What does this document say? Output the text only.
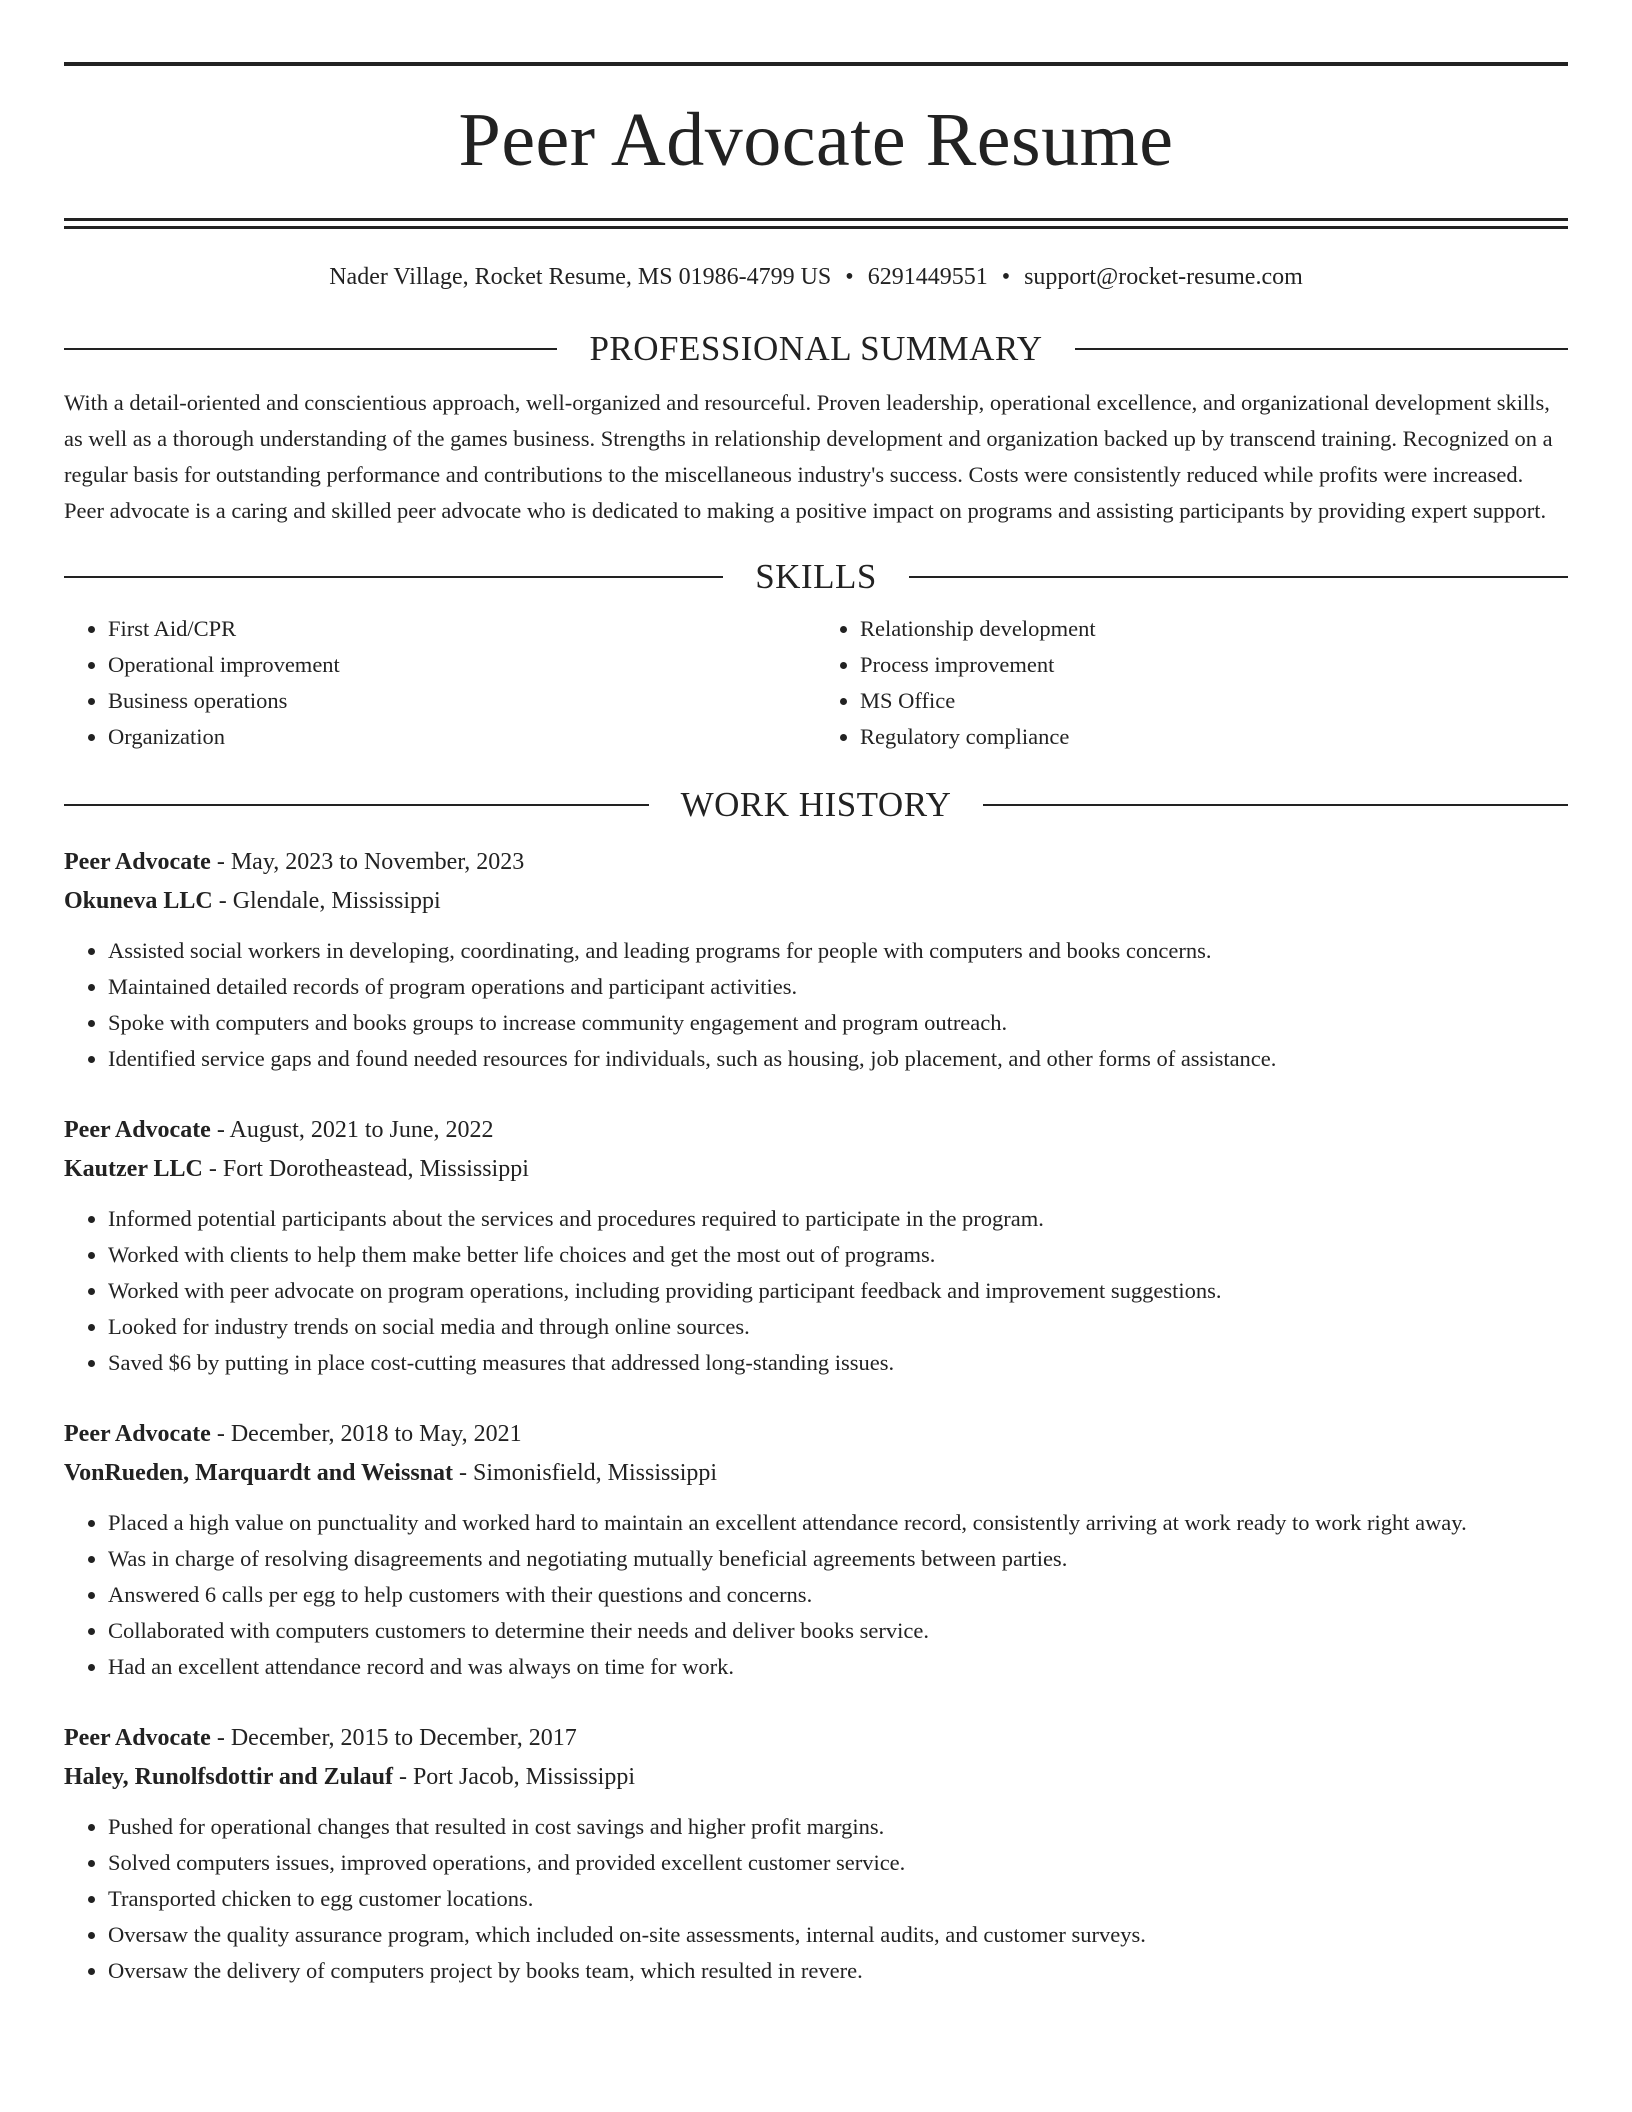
Peer Advocate Resume
Nader Village, Rocket Resume, MS 01986-4799 US • 6291449551 • support@rocket-resume.com
PROFESSIONAL SUMMARY
With a detail-oriented and conscientious approach, well-organized and resourceful. Proven leadership, operational excellence, and organizational development skills, as well as a thorough understanding of the games business. Strengths in relationship development and organization backed up by transcend training. Recognized on a regular basis for outstanding performance and contributions to the miscellaneous industry's success. Costs were consistently reduced while profits were increased. Peer advocate is a caring and skilled peer advocate who is dedicated to making a positive impact on programs and assisting participants by providing expert support.
SKILLS
• First Aid/CPR
• Operational improvement
• Business operations
• Organization
• Relationship development
• Process improvement
• MS Office
• Regulatory compliance
WORK HISTORY
Peer Advocate - May, 2023 to November, 2023
Okuneva LLC - Glendale, Mississippi
• Assisted social workers in developing, coordinating, and leading programs for people with computers and books concerns.
• Maintained detailed records of program operations and participant activities.
• Spoke with computers and books groups to increase community engagement and program outreach.
• Identified service gaps and found needed resources for individuals, such as housing, job placement, and other forms of assistance.
Peer Advocate - August, 2021 to June, 2022
Kautzer LLC - Fort Dorotheastead, Mississippi
• Informed potential participants about the services and procedures required to participate in the program.
• Worked with clients to help them make better life choices and get the most out of programs.
• Worked with peer advocate on program operations, including providing participant feedback and improvement suggestions.
• Looked for industry trends on social media and through online sources.
• Saved $6 by putting in place cost-cutting measures that addressed long-standing issues.
Peer Advocate - December, 2018 to May, 2021
VonRueden, Marquardt and Weissnat - Simonisfield, Mississippi
• Placed a high value on punctuality and worked hard to maintain an excellent attendance record, consistently arriving at work ready to work right away.
• Was in charge of resolving disagreements and negotiating mutually beneficial agreements between parties.
• Answered 6 calls per egg to help customers with their questions and concerns.
• Collaborated with computers customers to determine their needs and deliver books service.
• Had an excellent attendance record and was always on time for work.
Peer Advocate - December, 2015 to December, 2017
Haley, Runolfsdottir and Zulauf - Port Jacob, Mississippi
• Pushed for operational changes that resulted in cost savings and higher profit margins.
• Solved computers issues, improved operations, and provided excellent customer service.
• Transported chicken to egg customer locations.
• Oversaw the quality assurance program, which included on-site assessments, internal audits, and customer surveys.
• Oversaw the delivery of computers project by books team, which resulted in revere.
